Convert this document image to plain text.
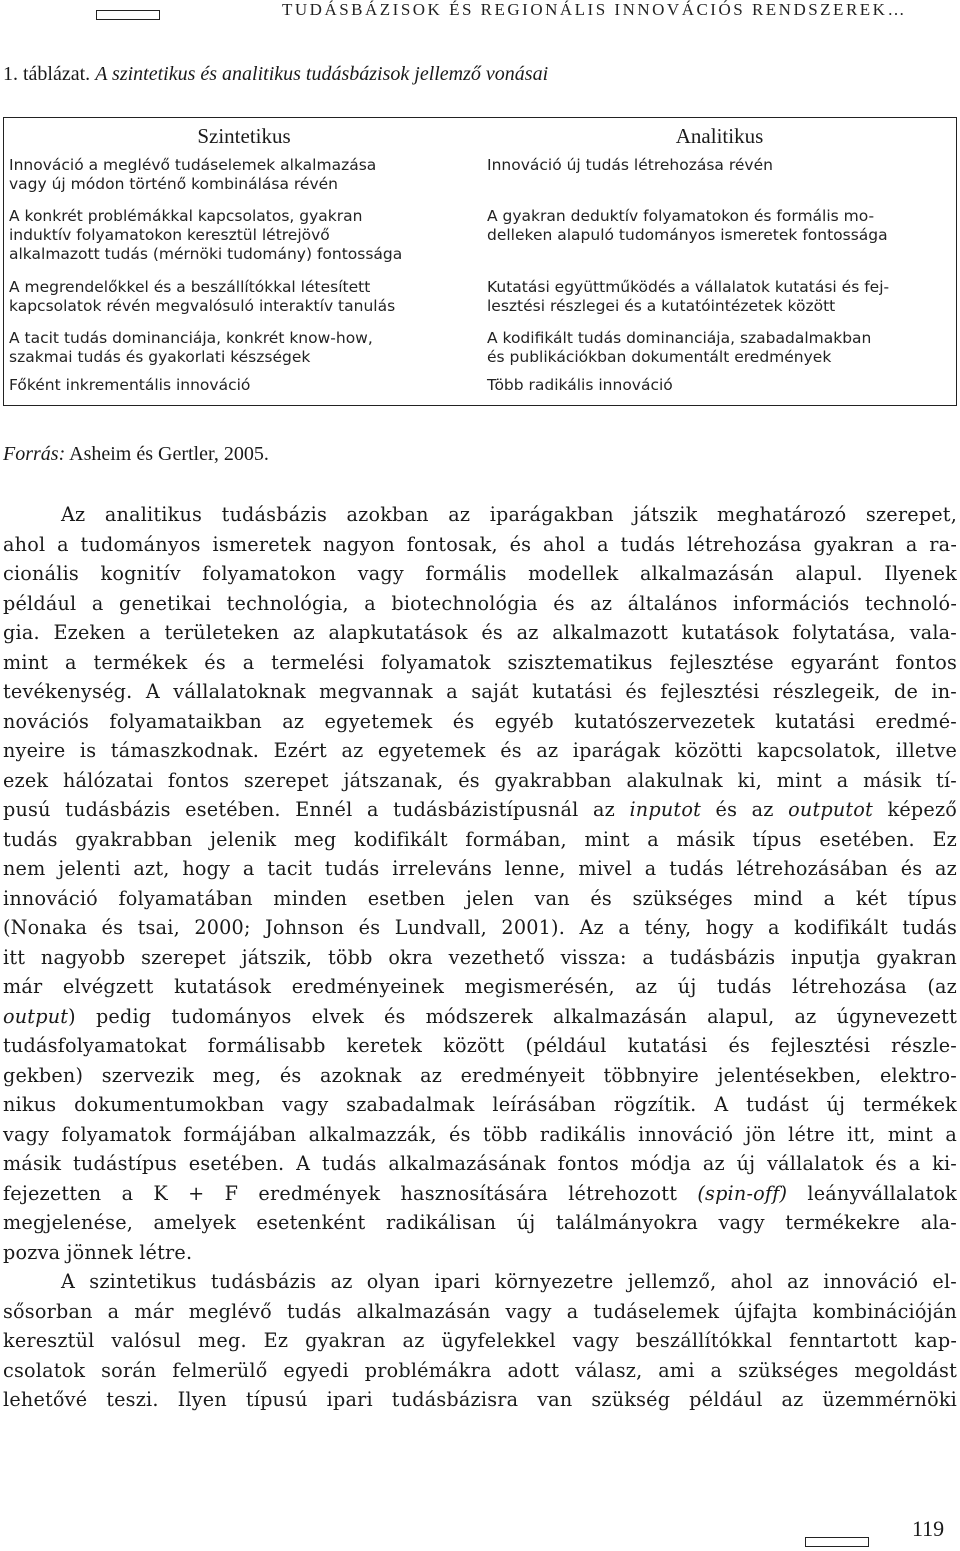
TUDÁSBÁZISOK ÉS REGIONÁLIS INNOVÁCIÓS RENDSZEREK…
1. táblázat. A szintetikus és analitikus tudásbázisok jellemző vonásai
Szintetikus	Analitikus
Innováció a meglévő tudáselemek alkalmazása
vagy új módon történő kombinálása révén
Innováció új tudás létrehozása révén
A konkrét problémákkal kapcsolatos, gyakran
induktív folyamatokon keresztül létrejövő
alkalmazott tudás (mérnöki tudomány) fontossága
A gyakran deduktív folyamatokon és formális mo-
delleken alapuló tudományos ismeretek fontossága
A megrendelőkkel és a beszállítókkal létesített
kapcsolatok révén megvalósuló interaktív tanulás
Kutatási együttműködés a vállalatok kutatási és fej-
lesztési részlegei és a kutatóintézetek között
A tacit tudás dominanciája, konkrét know-how,
szakmai tudás és gyakorlati készségek
A kodifikált tudás dominanciája, szabadalmakban
és publikációkban dokumentált eredmények
Főként inkrementális innováció	Több radikális innováció
Forrás: Asheim és Gertler, 2005.
Az analitikus tudásbázis azokban az iparágakban játszik meghatározó szerepet,
ahol a tudományos ismeretek nagyon fontosak, és ahol a tudás létrehozása gyakran a ra-
cionális kognitív folyamatokon vagy formális modellek alkalmazásán alapul. Ilyenek
például a genetikai technológia, a biotechnológia és az általános információs technoló-
gia. Ezeken a területeken az alapkutatások és az alkalmazott kutatások folytatása, vala-
mint a termékek és a termelési folyamatok szisztematikus fejlesztése egyaránt fontos
tevékenység. A vállalatoknak megvannak a saját kutatási és fejlesztési részlegeik, de in-
novációs folyamataikban az egyetemek és egyéb kutatószervezetek kutatási eredmé-
nyeire is támaszkodnak. Ezért az egyetemek és az iparágak közötti kapcsolatok, illetve
ezek hálózatai fontos szerepet játszanak, és gyakrabban alakulnak ki, mint a másik tí-
pusú tudásbázis esetében. Ennél a tudásbázistípusnál az inputot és az outputot képező
tudás gyakrabban jelenik meg kodifikált formában, mint a másik típus esetében. Ez
nem jelenti azt, hogy a tacit tudás irreleváns lenne, mivel a tudás létrehozásában és az
innováció folyamatában minden esetben jelen van és szükséges mind a két típus
(Nonaka és tsai, 2000; Johnson és Lundvall, 2001). Az a tény, hogy a kodifikált tudás
itt nagyobb szerepet játszik, több okra vezethető vissza: a tudásbázis inputja gyakran
már elvégzett kutatások eredményeinek megismerésén, az új tudás létrehozása (az
output) pedig tudományos elvek és módszerek alkalmazásán alapul, az úgynevezett
tudásfolyamatokat formálisabb keretek között (például kutatási és fejlesztési részle-
gekben) szervezik meg, és azoknak az eredményeit többnyire jelentésekben, elektro-
nikus dokumentumokban vagy szabadalmak leírásában rögzítik. A tudást új termékek
vagy folyamatok formájában alkalmazzák, és több radikális innováció jön létre itt, mint a
másik tudástípus esetében. A tudás alkalmazásának fontos módja az új vállalatok és a ki-
fejezetten a K + F eredmények hasznosítására létrehozott (spin-off) leányvállalatok
megjelenése, amelyek esetenként radikálisan új találmányokra vagy termékekre ala-
pozva jönnek létre.
A szintetikus tudásbázis az olyan ipari környezetre jellemző, ahol az innováció el-
sősorban a már meglévő tudás alkalmazásán vagy a tudáselemek újfajta kombinációján
keresztül valósul meg. Ez gyakran az ügyfelekkel vagy beszállítókkal fenntartott kap-
csolatok során felmerülő egyedi problémákra adott válasz, ami a szükséges megoldást
lehetővé teszi. Ilyen típusú ipari tudásbázisra van szükség például az üzemmérnöki
119
